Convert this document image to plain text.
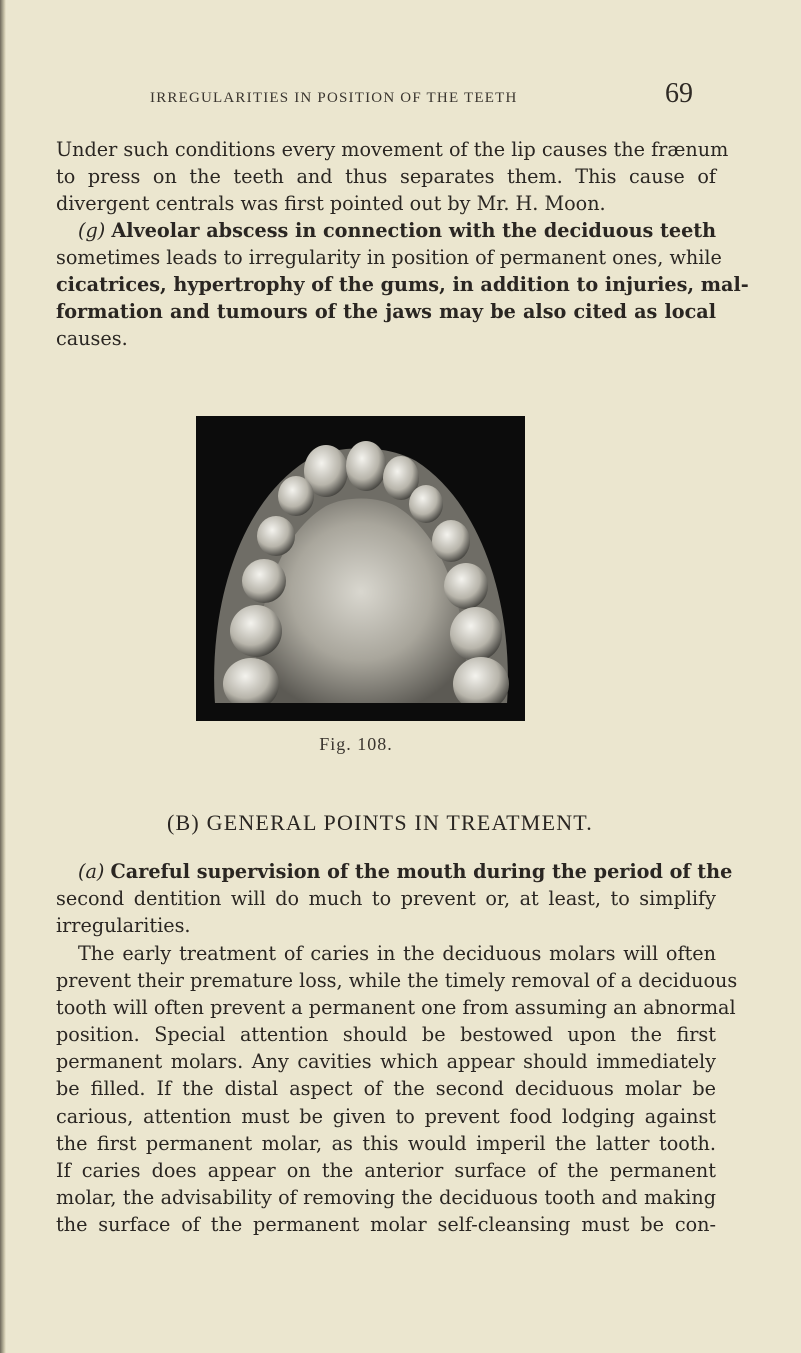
IRREGULARITIES IN POSITION OF THE TEETH	69
Under such conditions every movement of the lip causes the frænum
to press on the teeth and thus separates them. This cause of
divergent centrals was first pointed out by Mr. H. Moon.
(g) Alveolar abscess in connection with the deciduous teeth
sometimes leads to irregularity in position of permanent ones, while
cicatrices, hypertrophy of the gums, in addition to injuries, mal-
formation and tumours of the jaws may be also cited as local
causes.
Fig. 108.
(B) GENERAL POINTS IN TREATMENT.
(a) Careful supervision of the mouth during the period of the
second dentition will do much to prevent or, at least, to simplify
irregularities.
The early treatment of caries in the deciduous molars will often
prevent their premature loss, while the timely removal of a deciduous
tooth will often prevent a permanent one from assuming an abnormal
position. Special attention should be bestowed upon the first
permanent molars. Any cavities which appear should immediately
be filled. If the distal aspect of the second deciduous molar be
carious, attention must be given to prevent food lodging against
the first permanent molar, as this would imperil the latter tooth.
If caries does appear on the anterior surface of the permanent
molar, the advisability of removing the deciduous tooth and making
the surface of the permanent molar self-cleansing must be con-
